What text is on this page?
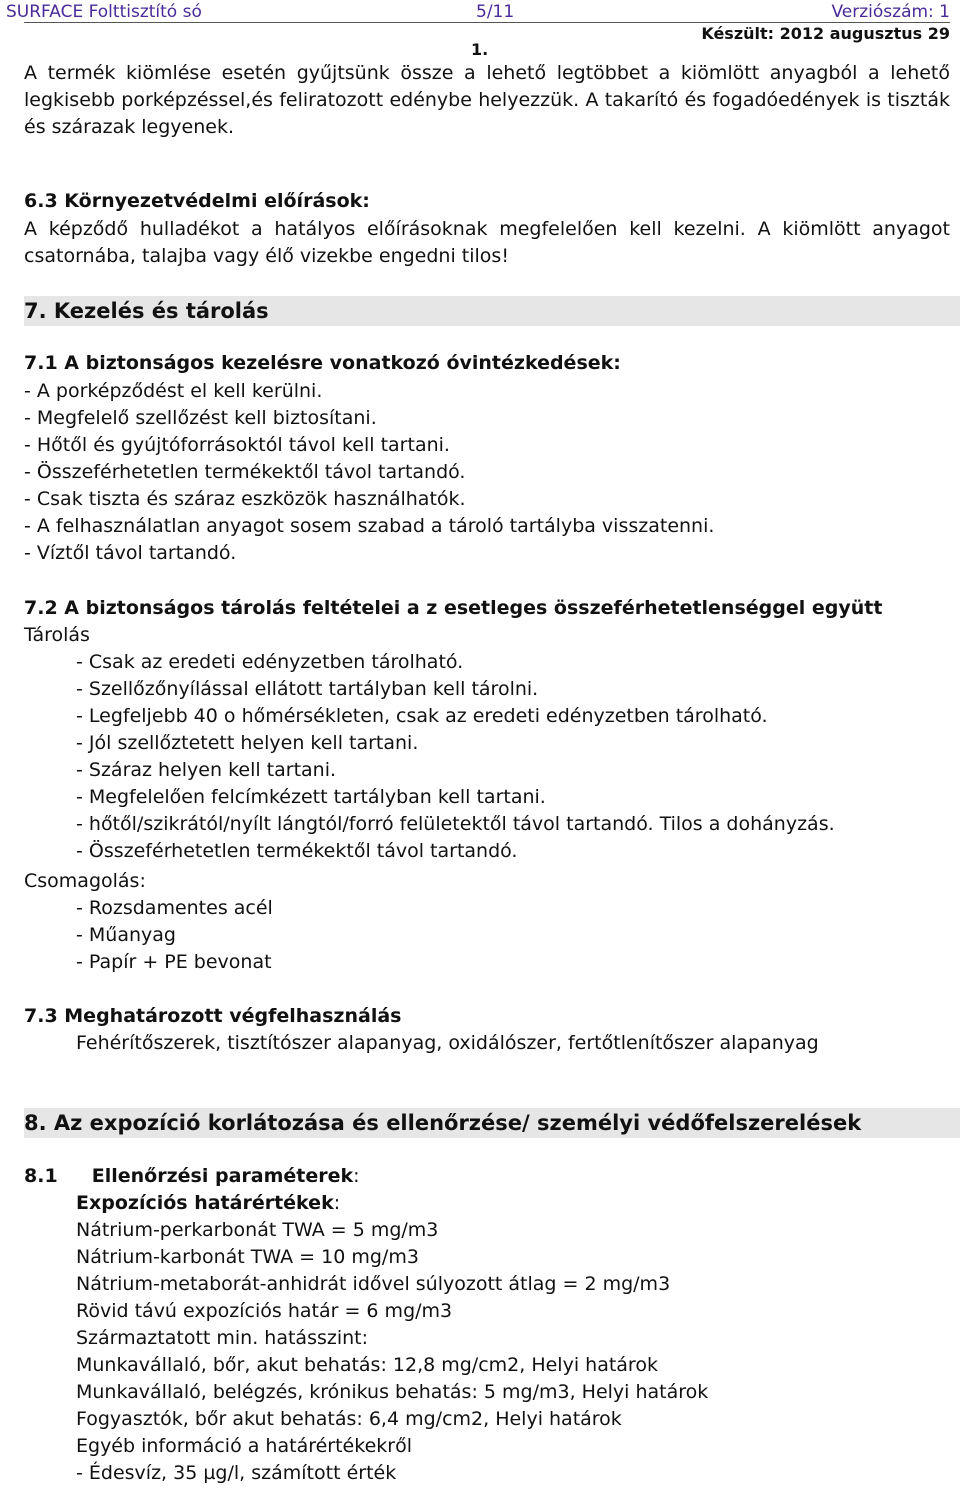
SURFACE Folttisztító só	5/11	Verziószám: 1
Készült: 2012 augusztus 29
1.
A termék kiömlése esetén gyűjtsünk össze a lehető legtöbbet a kiömlött anyagból a lehető legkisebb porképzéssel,és feliratozott edénybe helyezzük. A takarító és fogadóedények is tiszták és szárazak legyenek.
6.3 Környezetvédelmi előírások:
A képződő hulladékot a hatályos előírásoknak megfelelően kell kezelni. A kiömlött anyagot csatornába, talajba vagy élő vizekbe engedni tilos!
7. Kezelés és tárolás
7.1 A biztonságos kezelésre vonatkozó óvintézkedések:
- A porképződést el kell kerülni.
- Megfelelő szellőzést kell biztosítani.
- Hőtől és gyújtóforrásoktól távol kell tartani.
- Összeférhetetlen termékektől távol tartandó.
- Csak tiszta és száraz eszközök használhatók.
- A felhasználatlan anyagot sosem szabad a tároló tartályba visszatenni.
- Víztől távol tartandó.
7.2 A biztonságos tárolás feltételei a z esetleges összeférhetetlenséggel együtt
Tárolás
- Csak az eredeti edényzetben tárolható.
- Szellőzőnyílással ellátott tartályban kell tárolni.
- Legfeljebb 40 o hőmérsékleten, csak az eredeti edényzetben tárolható.
- Jól szellőztetett helyen kell tartani.
- Száraz helyen kell tartani.
- Megfelelően felcímkézett tartályban kell tartani.
- hőtől/szikrától/nyílt lángtól/forró felületektől távol tartandó. Tilos a dohányzás.
- Összeférhetetlen termékektől távol tartandó.
Csomagolás:
- Rozsdamentes acél
- Műanyag
- Papír + PE bevonat
7.3 Meghatározott végfelhasználás
Fehérítőszerek, tisztítószer alapanyag, oxidálószer, fertőtlenítőszer alapanyag
8. Az expozíció korlátozása és ellenőrzése/ személyi védőfelszerelések
8.1 Ellenőrzési paraméterek:
Expozíciós határértékek:
Nátrium-perkarbonát TWA = 5 mg/m3
Nátrium-karbonát TWA = 10 mg/m3
Nátrium-metaborát-anhidrát idővel súlyozott átlag = 2 mg/m3
Rövid távú expozíciós határ = 6 mg/m3
Származtatott min. hatásszint:
Munkavállaló, bőr, akut behatás: 12,8 mg/cm2, Helyi határok
Munkavállaló, belégzés, krónikus behatás: 5 mg/m3, Helyi határok
Fogyasztók, bőr akut behatás: 6,4 mg/cm2, Helyi határok
Egyéb információ a határértékekről
- Édesvíz, 35 µg/l, számított érték
